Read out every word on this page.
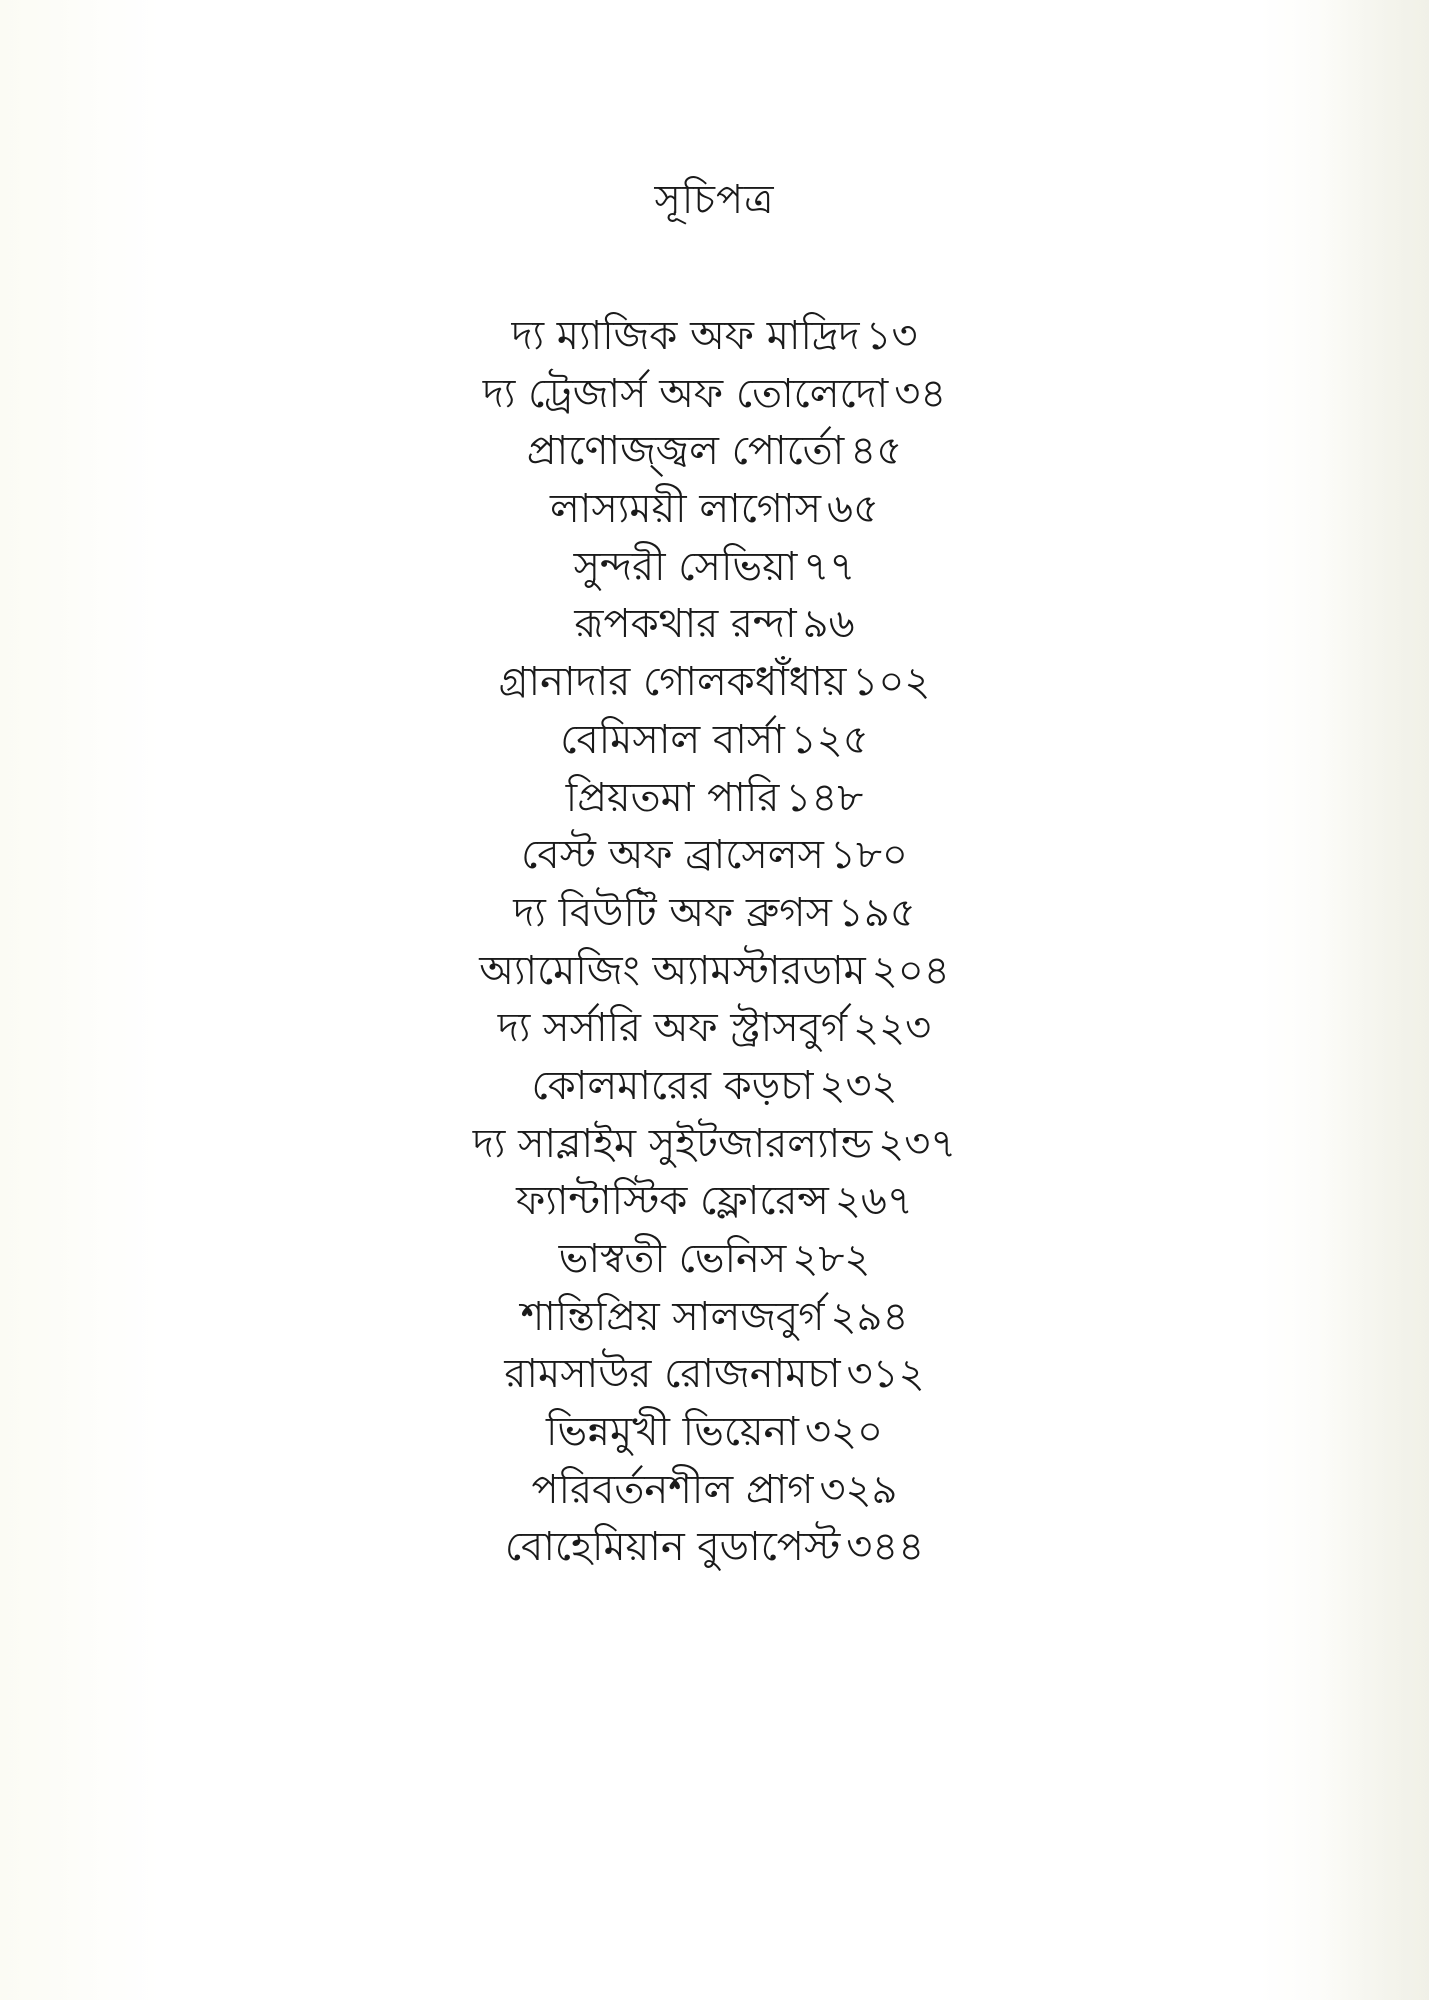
সূচিপত্র
দ্য ম্যাজিক অফ মাদ্রিদ ১৩
দ্য ট্রেজার্স অফ তোলেদো ৩৪
প্রাণোজ্জ্বল পোর্তো ৪৫
লাস্যময়ী লাগোস ৬৫
সুন্দরী সেভিয়া ৭৭
রূপকথার রন্দা ৯৬
গ্রানাদার গোলকধাঁধায় ১০২
বেমিসাল বার্সা ১২৫
প্রিয়তমা পারি ১৪৮
বেস্ট অফ ব্রাসেলস ১৮০
দ্য বিউটি অফ ব্রুগস ১৯৫
অ্যামেজিং অ্যামস্টারডাম ২০৪
দ্য সর্সারি অফ স্ট্রাসবুর্গ ২২৩
কোলমারের কড়চা ২৩২
দ্য সাব্লাইম সুইটজারল্যান্ড ২৩৭
ফ্যান্টাস্টিক ফ্লোরেন্স ২৬৭
ভাস্বতী ভেনিস ২৮২
শান্তিপ্রিয় সালজবুর্গ ২৯৪
রামসাউর রোজনামচা ৩১২
ভিন্নমুখী ভিয়েনা ৩২০
পরিবর্তনশীল প্রাগ ৩২৯
বোহেমিয়ান বুডাপেস্ট ৩৪৪
